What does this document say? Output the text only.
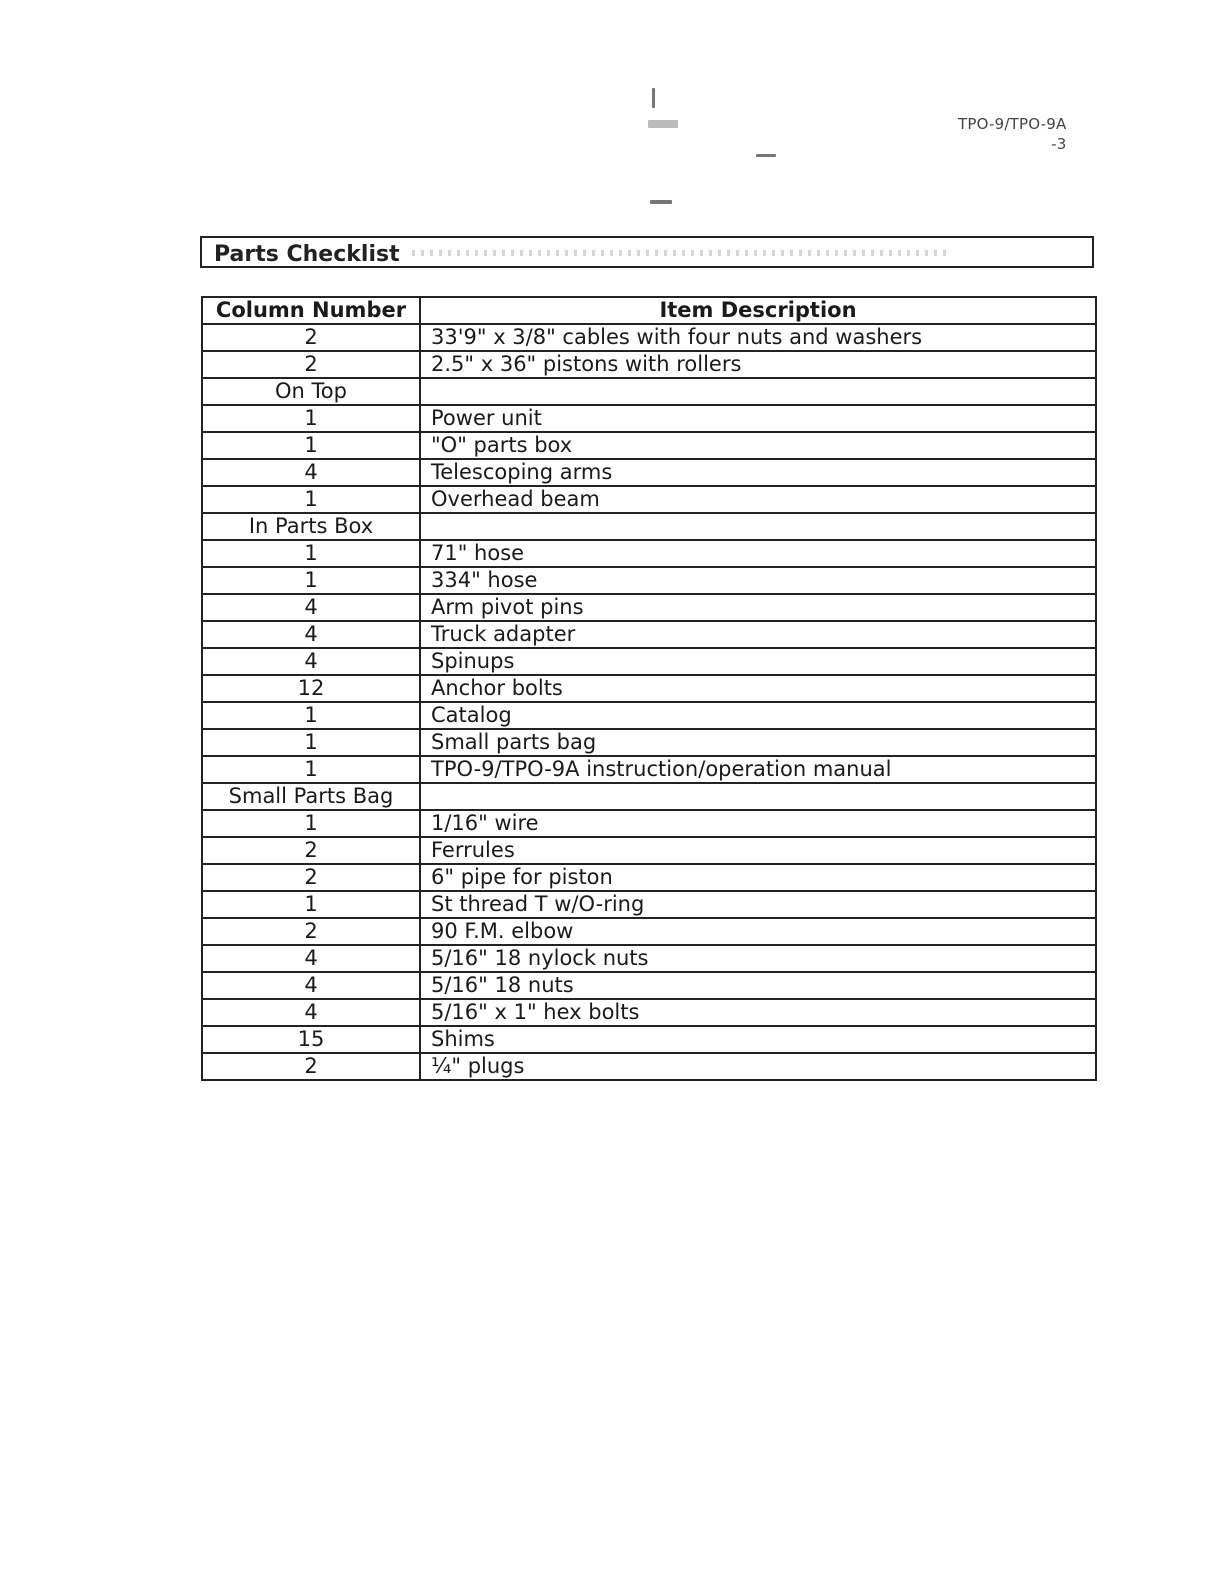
TPO-9/TPO-9A
-3
Parts Checklist
Column Number	Item Description
2	33'9" x 3/8" cables with four nuts and washers
2	2.5" x 36" pistons with rollers
On Top	
1	Power unit
1	"O" parts box
4	Telescoping arms
1	Overhead beam
In Parts Box	
1	71" hose
1	334" hose
4	Arm pivot pins
4	Truck adapter
4	Spinups
12	Anchor bolts
1	Catalog
1	Small parts bag
1	TPO-9/TPO-9A instruction/operation manual
Small Parts Bag	
1	1/16" wire
2	Ferrules
2	6" pipe for piston
1	St thread T w/O-ring
2	90 F.M. elbow
4	5/16" 18 nylock nuts
4	5/16" 18 nuts
4	5/16" x 1" hex bolts
15	Shims
2	¼" plugs
